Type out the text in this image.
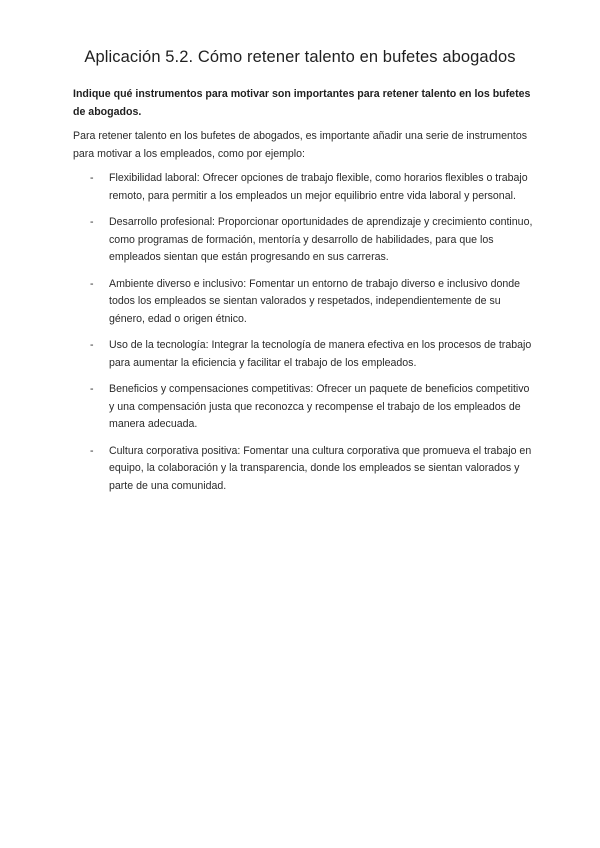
Aplicación 5.2. Cómo retener talento en bufetes abogados
Indique qué instrumentos para motivar son importantes para retener talento en los bufetes de abogados.
Para retener talento en los bufetes de abogados, es importante añadir una serie de instrumentos para motivar a los empleados, como por ejemplo:
-	Flexibilidad laboral: Ofrecer opciones de trabajo flexible, como horarios flexibles o trabajo remoto, para permitir a los empleados un mejor equilibrio entre vida laboral y personal.
-	Desarrollo profesional: Proporcionar oportunidades de aprendizaje y crecimiento continuo, como programas de formación, mentoría y desarrollo de habilidades, para que los empleados sientan que están progresando en sus carreras.
-	Ambiente diverso e inclusivo: Fomentar un entorno de trabajo diverso e inclusivo donde todos los empleados se sientan valorados y respetados, independientemente de su género, edad o origen étnico.
-	Uso de la tecnología: Integrar la tecnología de manera efectiva en los procesos de trabajo para aumentar la eficiencia y facilitar el trabajo de los empleados.
-	Beneficios y compensaciones competitivas: Ofrecer un paquete de beneficios competitivo y una compensación justa que reconozca y recompense el trabajo de los empleados de manera adecuada.
-	Cultura corporativa positiva: Fomentar una cultura corporativa que promueva el trabajo en equipo, la colaboración y la transparencia, donde los empleados se sientan valorados y parte de una comunidad.
